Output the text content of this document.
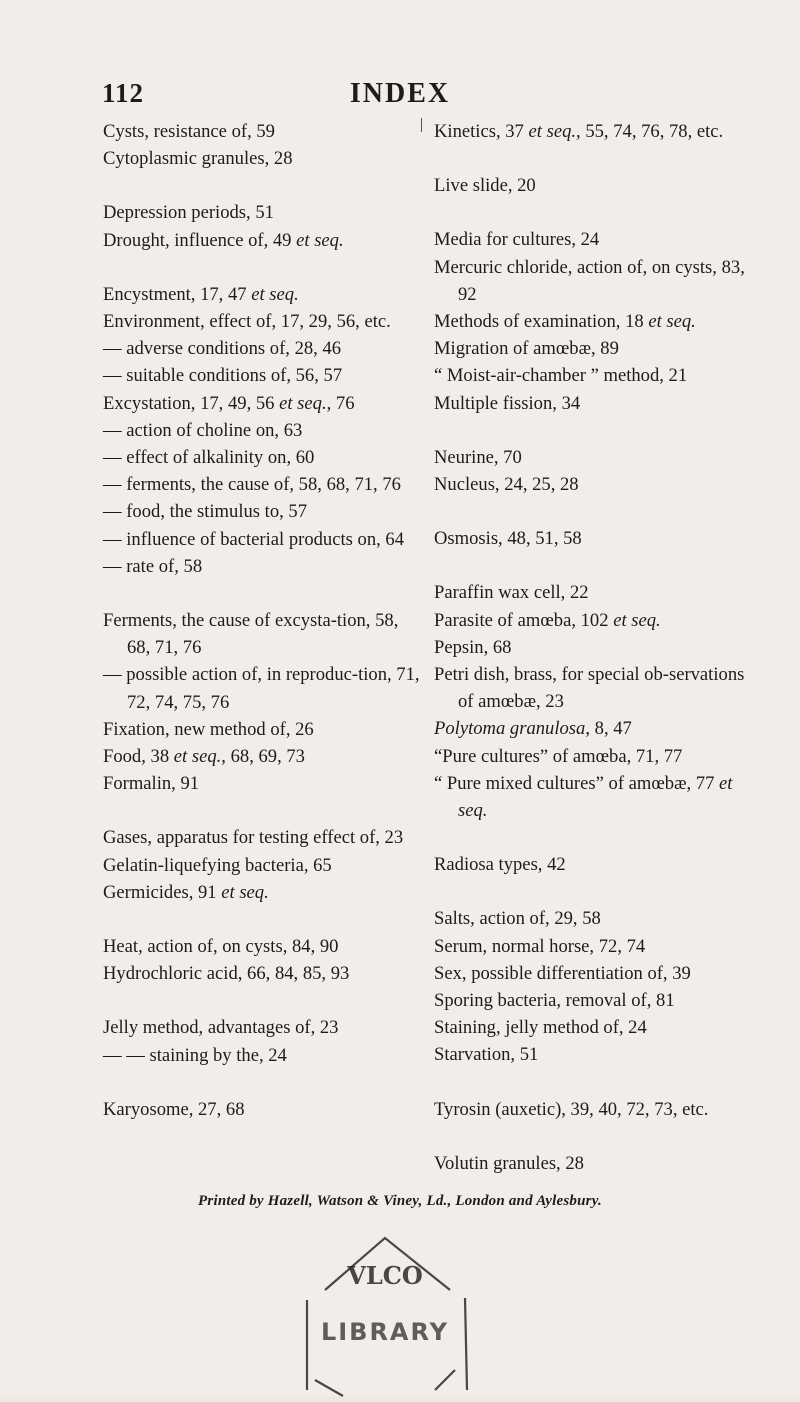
112	INDEX
Cysts, resistance of, 59
Cytoplasmic granules, 28
Depression periods, 51
Drought, influence of, 49 et seq.
Encystment, 17, 47 et seq.
Environment, effect of, 17, 29, 56, etc.
— adverse conditions of, 28, 46
— suitable conditions of, 56, 57
Excystation, 17, 49, 56 et seq., 76
— action of choline on, 63
— effect of alkalinity on, 60
— ferments, the cause of, 58, 68, 71, 76
— food, the stimulus to, 57
— influence of bacterial products on, 64
— rate of, 58
Ferments, the cause of excysta-tion, 58, 68, 71, 76
— possible action of, in reproduc-tion, 71, 72, 74, 75, 76
Fixation, new method of, 26
Food, 38 et seq., 68, 69, 73
Formalin, 91
Gases, apparatus for testing effect of, 23
Gelatin-liquefying bacteria, 65
Germicides, 91 et seq.
Heat, action of, on cysts, 84, 90
Hydrochloric acid, 66, 84, 85, 93
Jelly method, advantages of, 23
— — staining by the, 24
Karyosome, 27, 68
Kinetics, 37 et seq., 55, 74, 76, 78, etc.
Live slide, 20
Media for cultures, 24
Mercuric chloride, action of, on cysts, 83, 92
Methods of examination, 18 et seq.
Migration of amœbæ, 89
“ Moist-air-chamber ” method, 21
Multiple fission, 34
Neurine, 70
Nucleus, 24, 25, 28
Osmosis, 48, 51, 58
Paraffin wax cell, 22
Parasite of amœba, 102 et seq.
Pepsin, 68
Petri dish, brass, for special ob-servations of amœbæ, 23
Polytoma granulosa, 8, 47
“Pure cultures” of amœba, 71, 77
“ Pure mixed cultures” of amœbæ, 77 et seq.
Radiosa types, 42
Salts, action of, 29, 58
Serum, normal horse, 72, 74
Sex, possible differentiation of, 39
Sporing bacteria, removal of, 81
Staining, jelly method of, 24
Starvation, 51
Tyrosin (auxetic), 39, 40, 72, 73, etc.
Volutin granules, 28
Printed by Hazell, Watson & Viney, Ld., London and Aylesbury.
VLCO
LIBRARY
